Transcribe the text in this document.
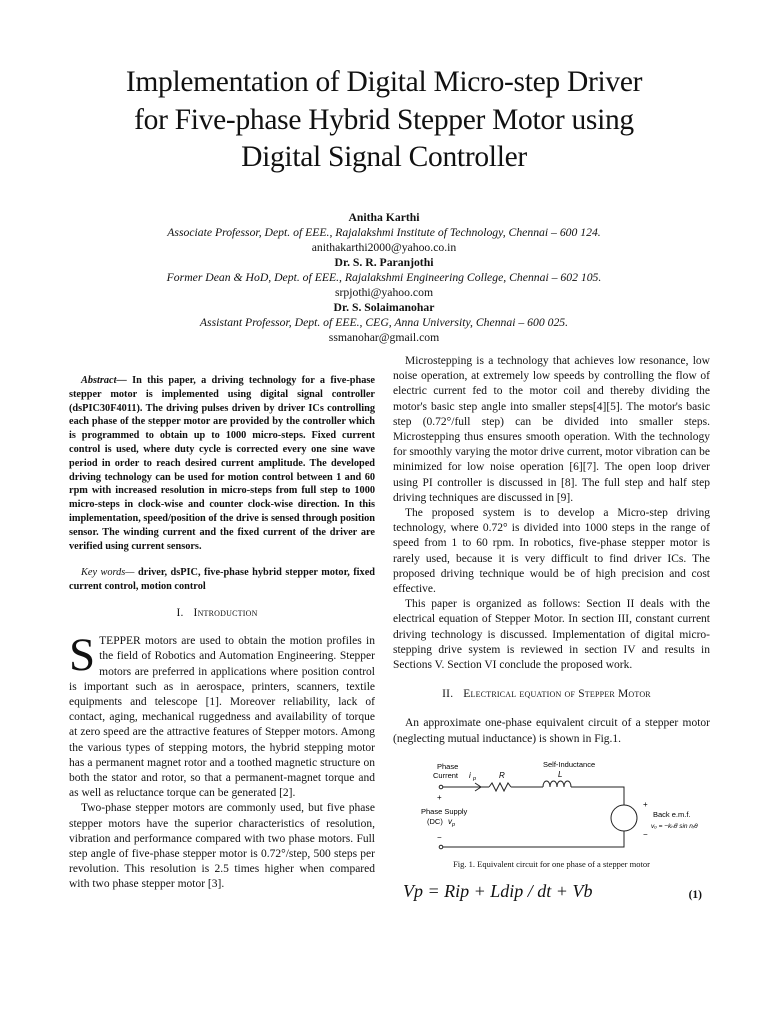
Implementation of Digital Micro-step Driver
for Five-phase Hybrid Stepper Motor using
Digital Signal Controller
Anitha Karthi
Associate Professor, Dept. of EEE., Rajalakshmi Institute of Technology, Chennai – 600 124.
anithakarthi2000@yahoo.co.in
Dr. S. R. Paranjothi
Former Dean & HoD, Dept. of EEE., Rajalakshmi Engineering College, Chennai – 602 105.
srpjothi@yahoo.com
Dr. S. Solaimanohar
Assistant Professor, Dept. of EEE., CEG, Anna University, Chennai – 600 025.
ssmanohar@gmail.com

Abstract— In this paper, a driving technology for a five-phase stepper motor is implemented using digital signal controller (dsPIC30F4011). The driving pulses driven by driver ICs controlling each phase of the stepper motor are provided by the controller which is programmed to obtain up to 1000 micro-steps. Fixed current control is used, where duty cycle is corrected every one sine wave period in order to reach desired current amplitude. The developed driving technology can be used for motion control between 1 and 60 rpm with increased resolution in micro-steps from full step to 1000 micro-steps in clock-wise and counter clock-wise direction. In this implementation, speed/position of the drive is sensed through position sensor. The winding current and the fixed current of the driver are verified using current sensors.

Key words— driver, dsPIC, five-phase hybrid stepper motor, fixed current control, motion control

I. Introduction

STEPPER motors are used to obtain the motion profiles in the field of Robotics and Automation Engineering. Stepper motors are preferred in applications where position control is important such as in aerospace, printers, scanners, textile equipments and telescope [1]. Moreover reliability, lack of contact, aging, mechanical ruggedness and availability of torque at zero speed are the attractive features of Stepper motors. Among the various types of stepping motors, the hybrid stepping motor has a permanent magnet rotor and a toothed magnetic structure on both the stator and rotor, so that a permanent-magnet torque and as well as reluctance torque can be generated [2].

Two-phase stepper motors are commonly used, but five phase stepper motors have the superior characteristics of resolution, vibration and performance compared with two phase motors. Full step angle of five-phase stepper motor is 0.72°/step, 500 steps per revolution. This resolution is 2.5 times higher when compared with two phase stepper motor [3].

Microstepping is a technology that achieves low resonance, low noise operation, at extremely low speeds by controlling the flow of electric current fed to the motor coil and thereby dividing the motor's basic step angle into smaller steps[4][5]. The motor's basic step (0.72°/full step) can be divided into smaller steps. Microstepping thus ensures smooth operation. With the technology for smoothly varying the motor drive current, motor vibration can be minimized for low noise operation [6][7]. The open loop driver using PI controller is discussed in [8]. The full step and half step driving techniques are discussed in [9].

The proposed system is to develop a Micro-step driving technology, where 0.72° is divided into 1000 steps in the range of speed from 1 to 60 rpm. In robotics, five-phase stepper motor is rarely used, because it is very difficult to find driver ICs. The proposed driving technique would be of high precision and cost effective.

This paper is organized as follows: Section II deals with the electrical equation of Stepper Motor. In section III, constant current driving technology is discussed. Implementation of digital micro-stepping drive system is reviewed in section IV and results in Sections V. Section VI conclude the proposed work.

II. Electrical equation of Stepper Motor

An approximate one-phase equivalent circuit of a stepper motor (neglecting mutual inductance) is shown in Fig.1.

Phase
Current i p	R
Self-Inductance
L
+
Phase Supply
(DC) v p
−
+
−
Back e.m.f.
vₒ = −kₕθ̇ sin nᵣθ

Fig. 1. Equivalent circuit for one phase of a stepper motor

Vp = Rip + Ldip / dt + Vb	(1)
